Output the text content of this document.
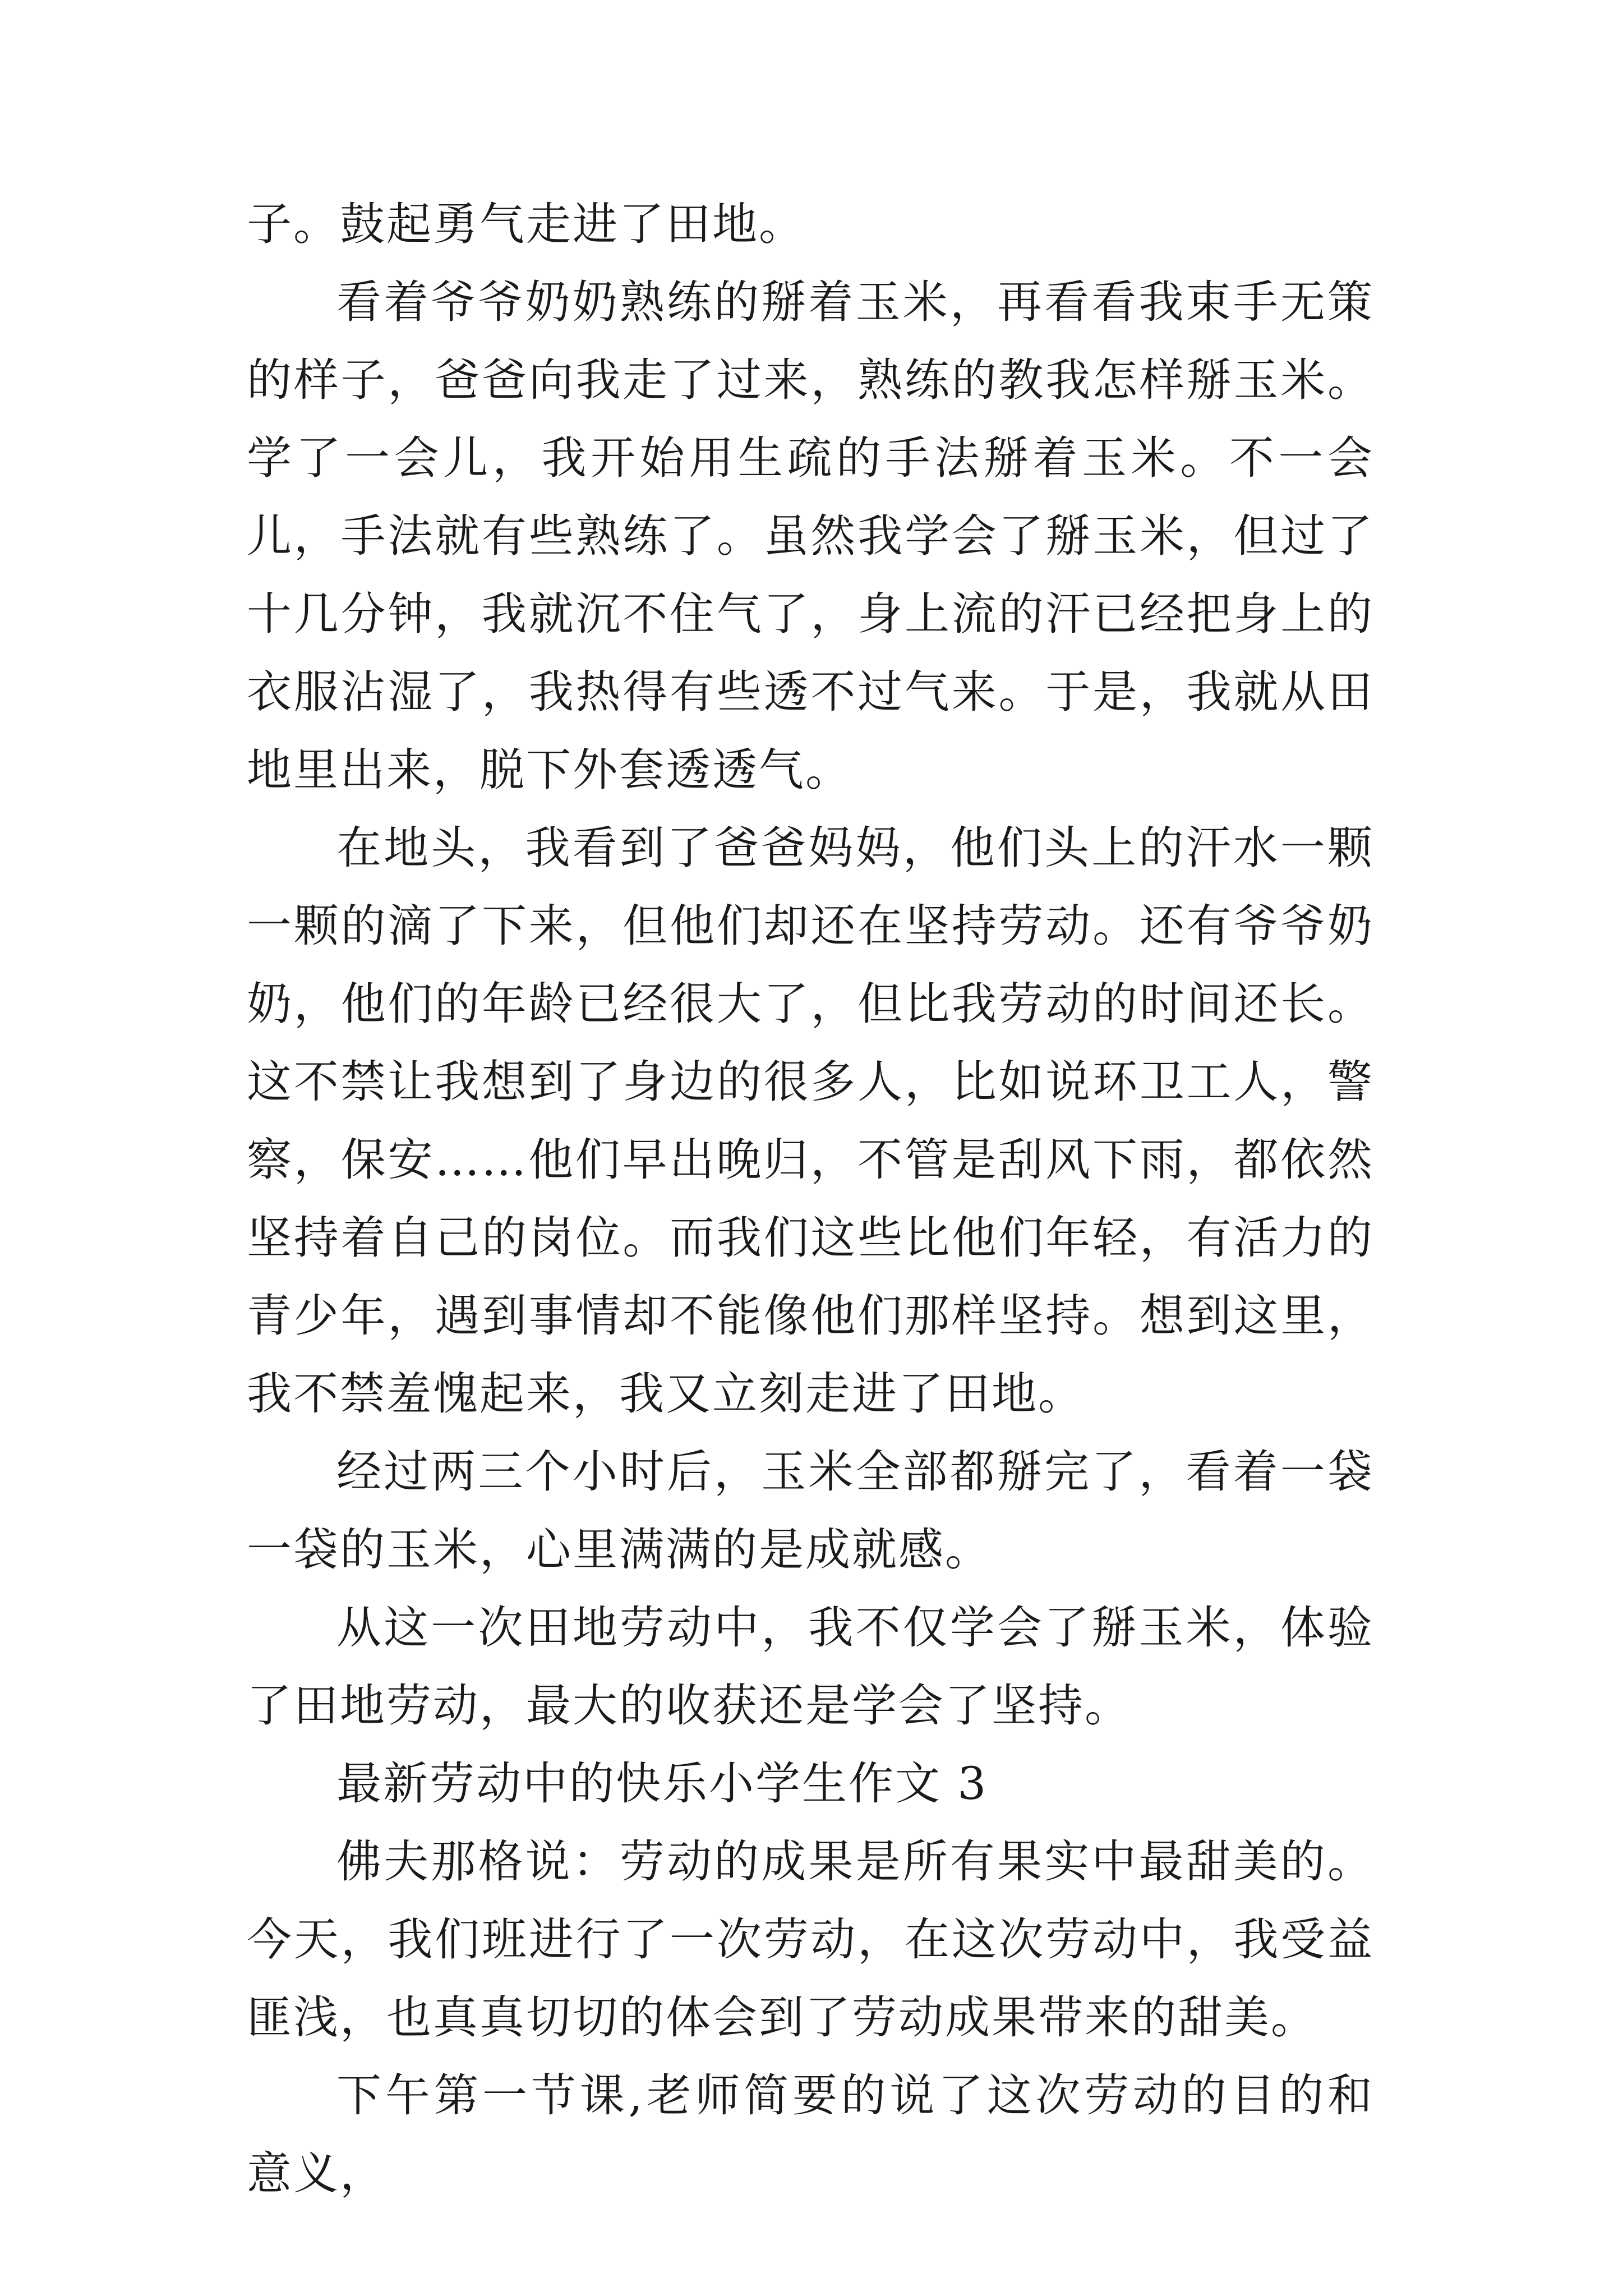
子。鼓起勇气走进了田地。

看着爷爷奶奶熟练的掰着玉米，再看看我束手无策的样子，爸爸向我走了过来，熟练的教我怎样掰玉米。学了一会儿，我开始用生疏的手法掰着玉米。不一会儿，手法就有些熟练了。虽然我学会了掰玉米，但过了十几分钟，我就沉不住气了，身上流的汗已经把身上的衣服沾湿了，我热得有些透不过气来。于是，我就从田地里出来，脱下外套透透气。

在地头，我看到了爸爸妈妈，他们头上的汗水一颗一颗的滴了下来，但他们却还在坚持劳动。还有爷爷奶奶，他们的年龄已经很大了，但比我劳动的时间还长。这不禁让我想到了身边的很多人，比如说环卫工人，警察，保安……他们早出晚归，不管是刮风下雨，都依然坚持着自己的岗位。而我们这些比他们年轻，有活力的青少年，遇到事情却不能像他们那样坚持。想到这里，我不禁羞愧起来，我又立刻走进了田地。

经过两三个小时后，玉米全部都掰完了，看着一袋一袋的玉米，心里满满的是成就感。

从这一次田地劳动中，我不仅学会了掰玉米，体验了田地劳动，最大的收获还是学会了坚持。

最新劳动中的快乐小学生作文 3

佛夫那格说：劳动的成果是所有果实中最甜美的。今天，我们班进行了一次劳动，在这次劳动中，我受益匪浅，也真真切切的体会到了劳动成果带来的甜美。

下午第一节课,老师简要的说了这次劳动的目的和意义，
